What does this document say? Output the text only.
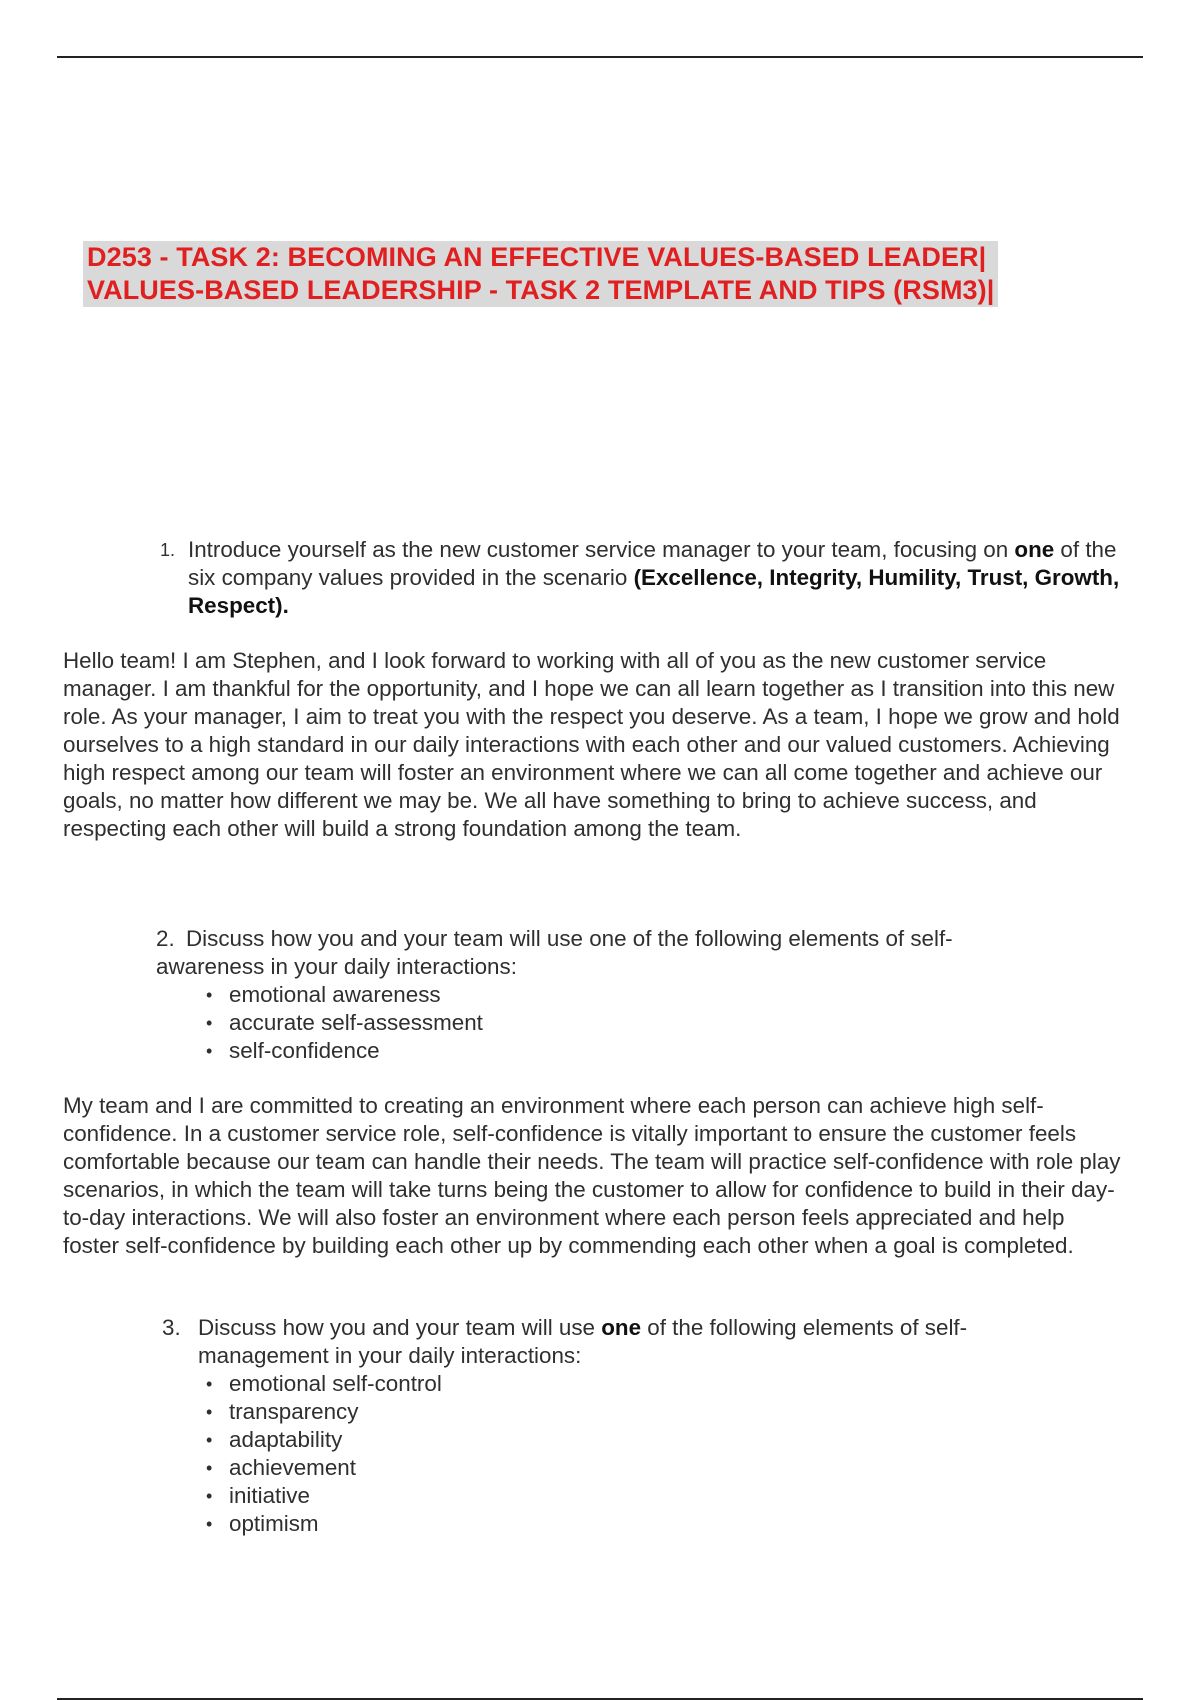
D253 - TASK 2: BECOMING AN EFFECTIVE VALUES-BASED LEADER|
VALUES-BASED LEADERSHIP - TASK 2 TEMPLATE AND TIPS (RSM3)|
1. Introduce yourself as the new customer service manager to your team, focusing on one of the six company values provided in the scenario (Excellence, Integrity, Humility, Trust, Growth, Respect).
Hello team! I am Stephen, and I look forward to working with all of you as the new customer service manager. I am thankful for the opportunity, and I hope we can all learn together as I transition into this new role. As your manager, I aim to treat you with the respect you deserve. As a team, I hope we grow and hold ourselves to a high standard in our daily interactions with each other and our valued customers. Achieving high respect among our team will foster an environment where we can all come together and achieve our goals, no matter how different we may be. We all have something to bring to achieve success, and respecting each other will build a strong foundation among the team.
2. Discuss how you and your team will use one of the following elements of self-awareness in your daily interactions:
• emotional awareness
• accurate self-assessment
• self-confidence
My team and I are committed to creating an environment where each person can achieve high self-confidence. In a customer service role, self-confidence is vitally important to ensure the customer feels comfortable because our team can handle their needs. The team will practice self-confidence with role play scenarios, in which the team will take turns being the customer to allow for confidence to build in their day-to-day interactions. We will also foster an environment where each person feels appreciated and help foster self-confidence by building each other up by commending each other when a goal is completed.
3. Discuss how you and your team will use one of the following elements of self-management in your daily interactions:
• emotional self-control
• transparency
• adaptability
• achievement
• initiative
• optimism
